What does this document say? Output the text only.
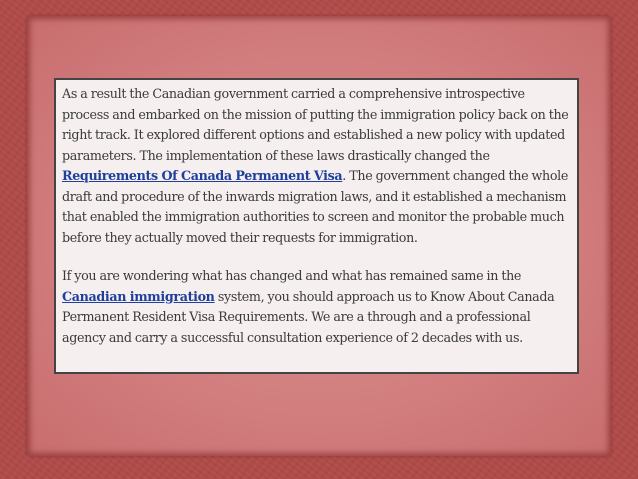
As a result the Canadian government carried a comprehensive introspective process and embarked on the mission of putting the immigration policy back on the right track. It explored different options and established a new policy with updated parameters. The implementation of these laws drastically changed the Requirements Of Canada Permanent Visa. The government changed the whole draft and procedure of the inwards migration laws, and it established a mechanism that enabled the immigration authorities to screen and monitor the probable much before they actually moved their requests for immigration.

If you are wondering what has changed and what has remained same in the Canadian immigration system, you should approach us to Know About Canada Permanent Resident Visa Requirements. We are a through and a professional agency and carry a successful consultation experience of 2 decades with us.
